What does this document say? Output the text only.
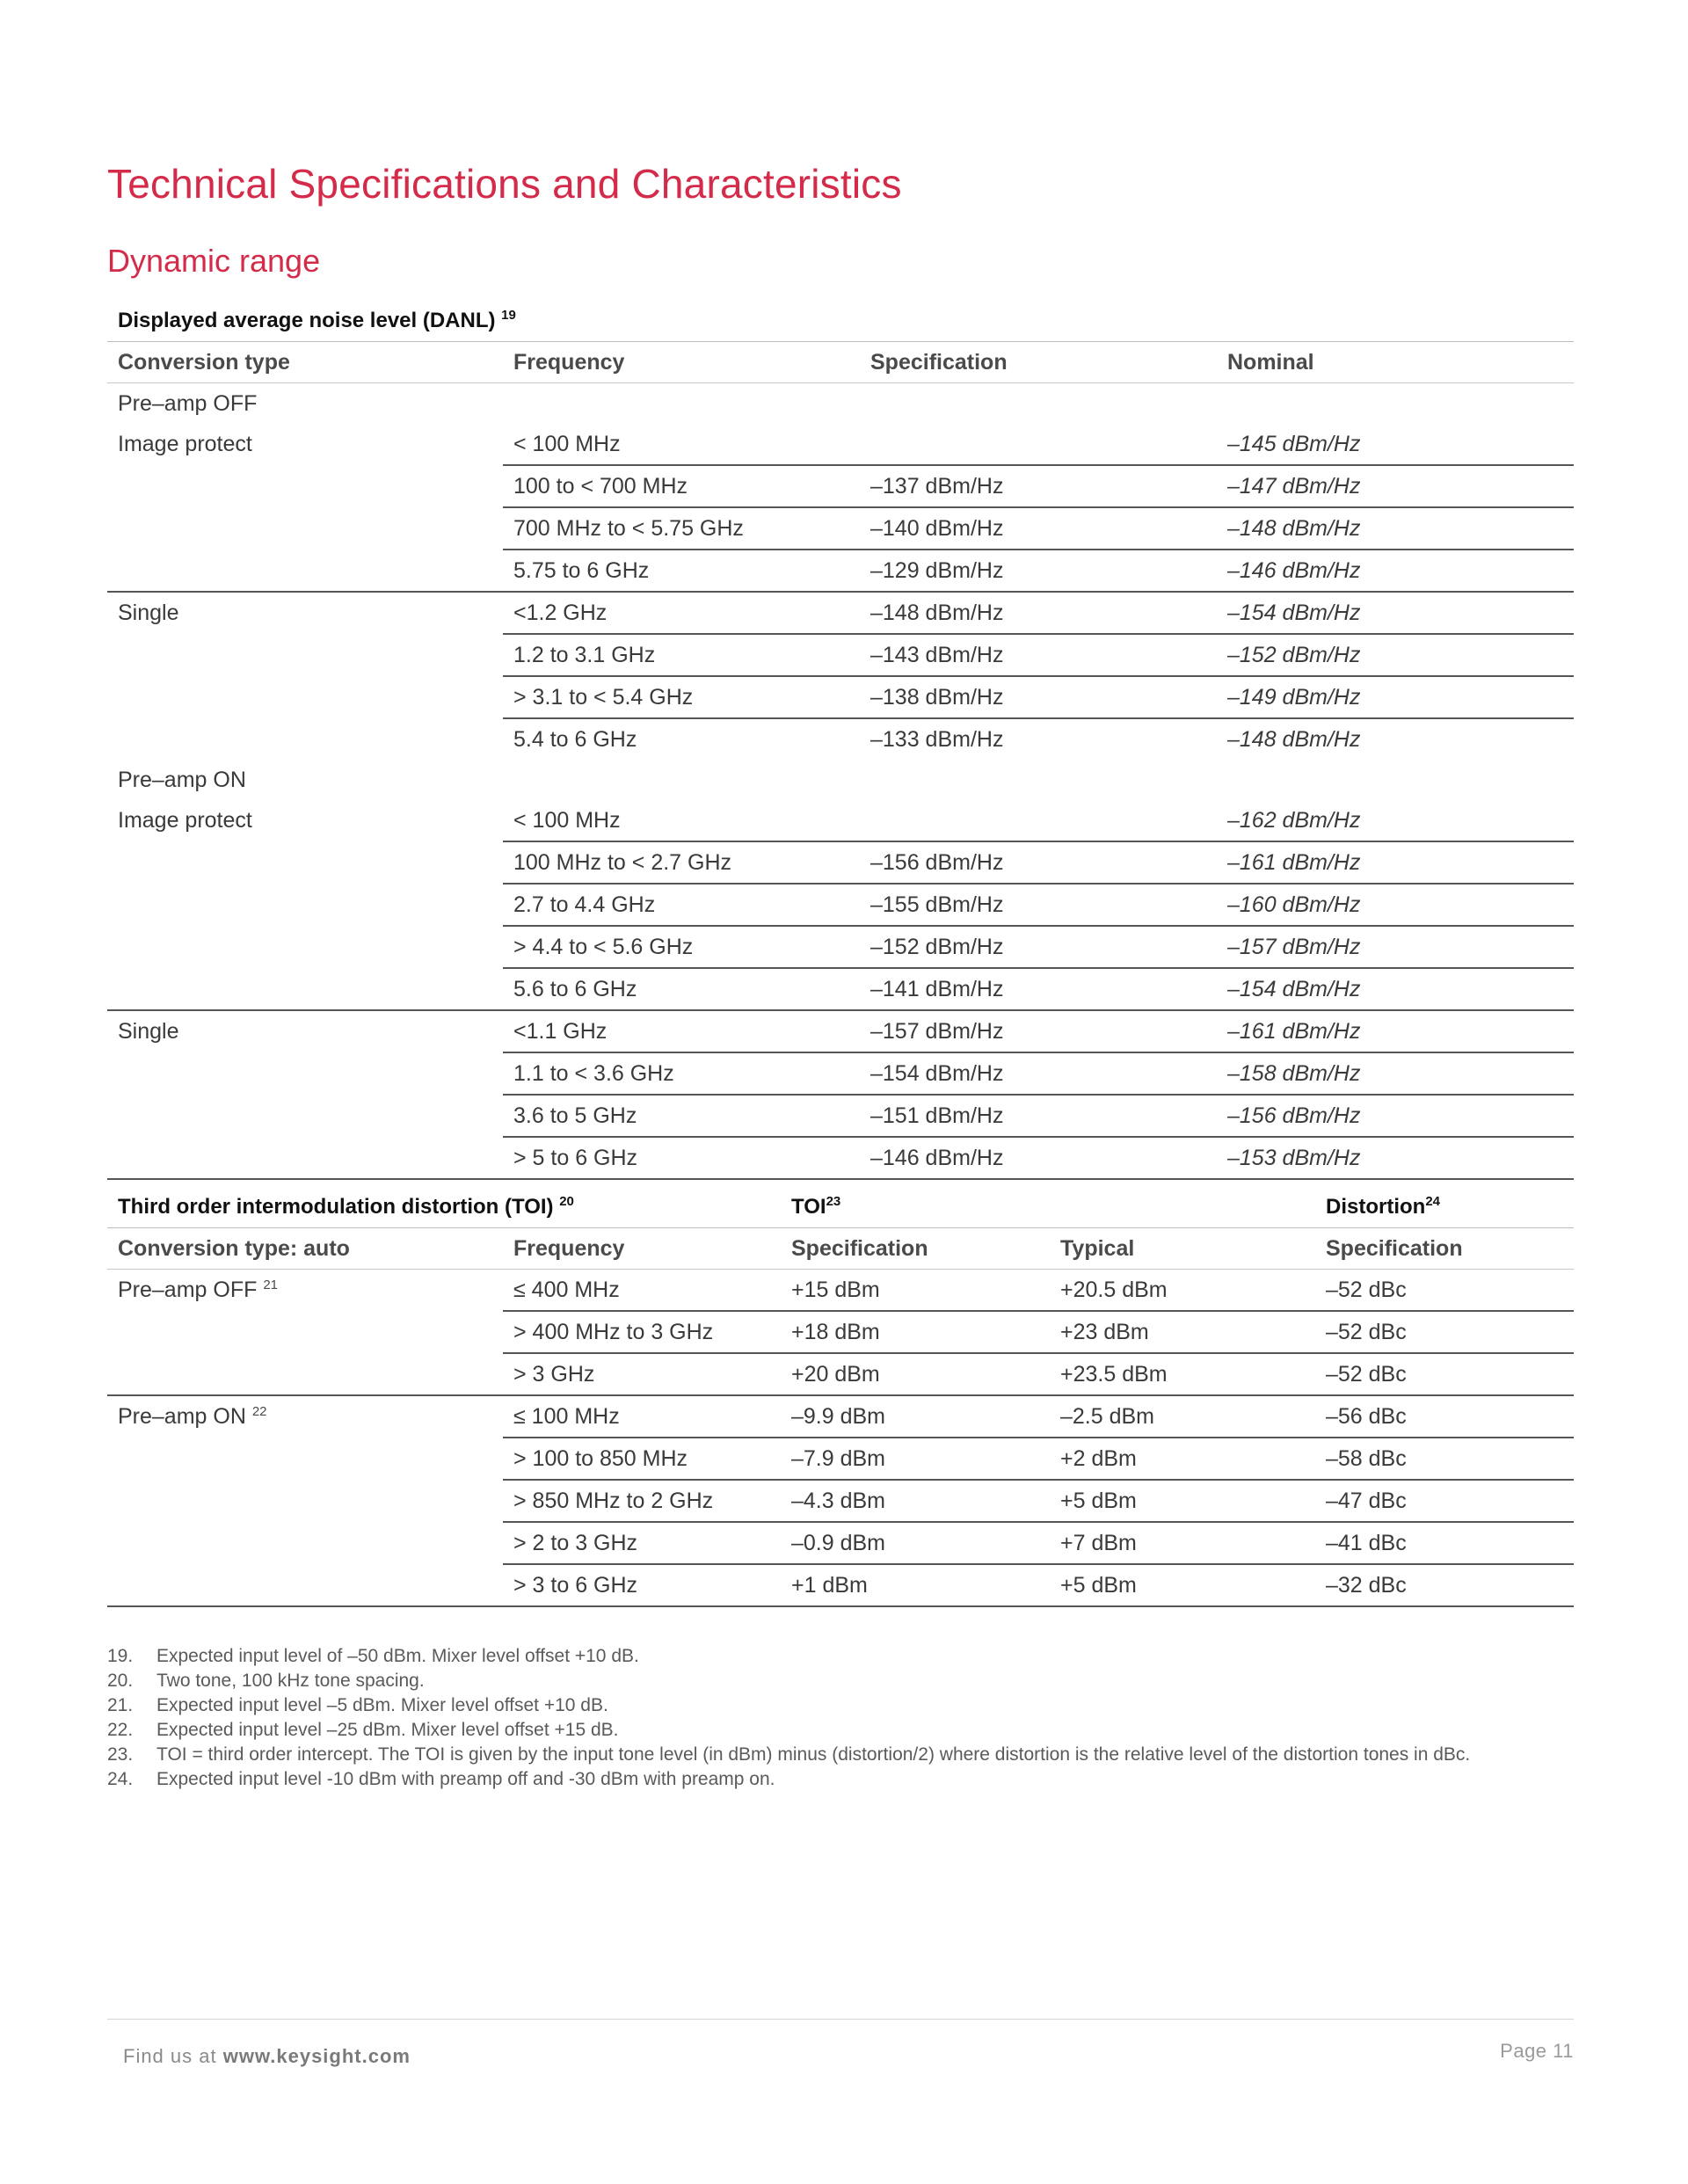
Technical Specifications and Characteristics
Dynamic range
Displayed average noise level (DANL) $^{19}$
Conversion type	Frequency	Specification	Nominal
Pre–amp OFF			
Image protect	< 100 MHz		–145 dBm/Hz
	100 to < 700 MHz	–137 dBm/Hz	–147 dBm/Hz
	700 MHz to < 5.75 GHz	–140 dBm/Hz	–148 dBm/Hz
	5.75 to 6 GHz	–129 dBm/Hz	–146 dBm/Hz
Single	<1.2 GHz	–148 dBm/Hz	–154 dBm/Hz
	1.2 to 3.1 GHz	–143 dBm/Hz	–152 dBm/Hz
	> 3.1 to < 5.4 GHz	–138 dBm/Hz	–149 dBm/Hz
	5.4 to 6 GHz	–133 dBm/Hz	–148 dBm/Hz
Pre–amp ON			
Image protect	< 100 MHz		–162 dBm/Hz
	100 MHz to < 2.7 GHz	–156 dBm/Hz	–161 dBm/Hz
	2.7 to 4.4 GHz	–155 dBm/Hz	–160 dBm/Hz
	> 4.4 to < 5.6 GHz	–152 dBm/Hz	–157 dBm/Hz
	5.6 to 6 GHz	–141 dBm/Hz	–154 dBm/Hz
Single	<1.1 GHz	–157 dBm/Hz	–161 dBm/Hz
	1.1 to < 3.6 GHz	–154 dBm/Hz	–158 dBm/Hz
	3.6 to 5 GHz	–151 dBm/Hz	–156 dBm/Hz
	> 5 to 6 GHz	–146 dBm/Hz	–153 dBm/Hz
Third order intermodulation distortion (TOI) $^{20}$		TOI$^{23}$		Distortion$^{24}$
Conversion type: auto	Frequency	Specification	Typical	Specification
Pre–amp OFF $^{21}$	≤ 400 MHz	+15 dBm	+20.5 dBm	–52 dBc
	> 400 MHz to 3 GHz	+18 dBm	+23 dBm	–52 dBc
	> 3 GHz	+20 dBm	+23.5 dBm	–52 dBc
Pre–amp ON $^{22}$	≤ 100 MHz	–9.9 dBm	–2.5 dBm	–56 dBc
	> 100 to 850 MHz	–7.9 dBm	+2 dBm	–58 dBc
	> 850 MHz to 2 GHz	–4.3 dBm	+5 dBm	–47 dBc
	> 2 to 3 GHz	–0.9 dBm	+7 dBm	–41 dBc
	> 3 to 6 GHz	+1 dBm	+5 dBm	–32 dBc
19.	Expected input level of –50 dBm. Mixer level offset +10 dB.
20.	Two tone, 100 kHz tone spacing.
21.	Expected input level –5 dBm. Mixer level offset +10 dB.
22.	Expected input level –25 dBm. Mixer level offset +15 dB.
23.	TOI = third order intercept. The TOI is given by the input tone level (in dBm) minus (distortion/2) where distortion is the relative level of the distortion tones in dBc.
24.	Expected input level -10 dBm with preamp off and -30 dBm with preamp on.
Find us at www.keysight.com	Page 11
